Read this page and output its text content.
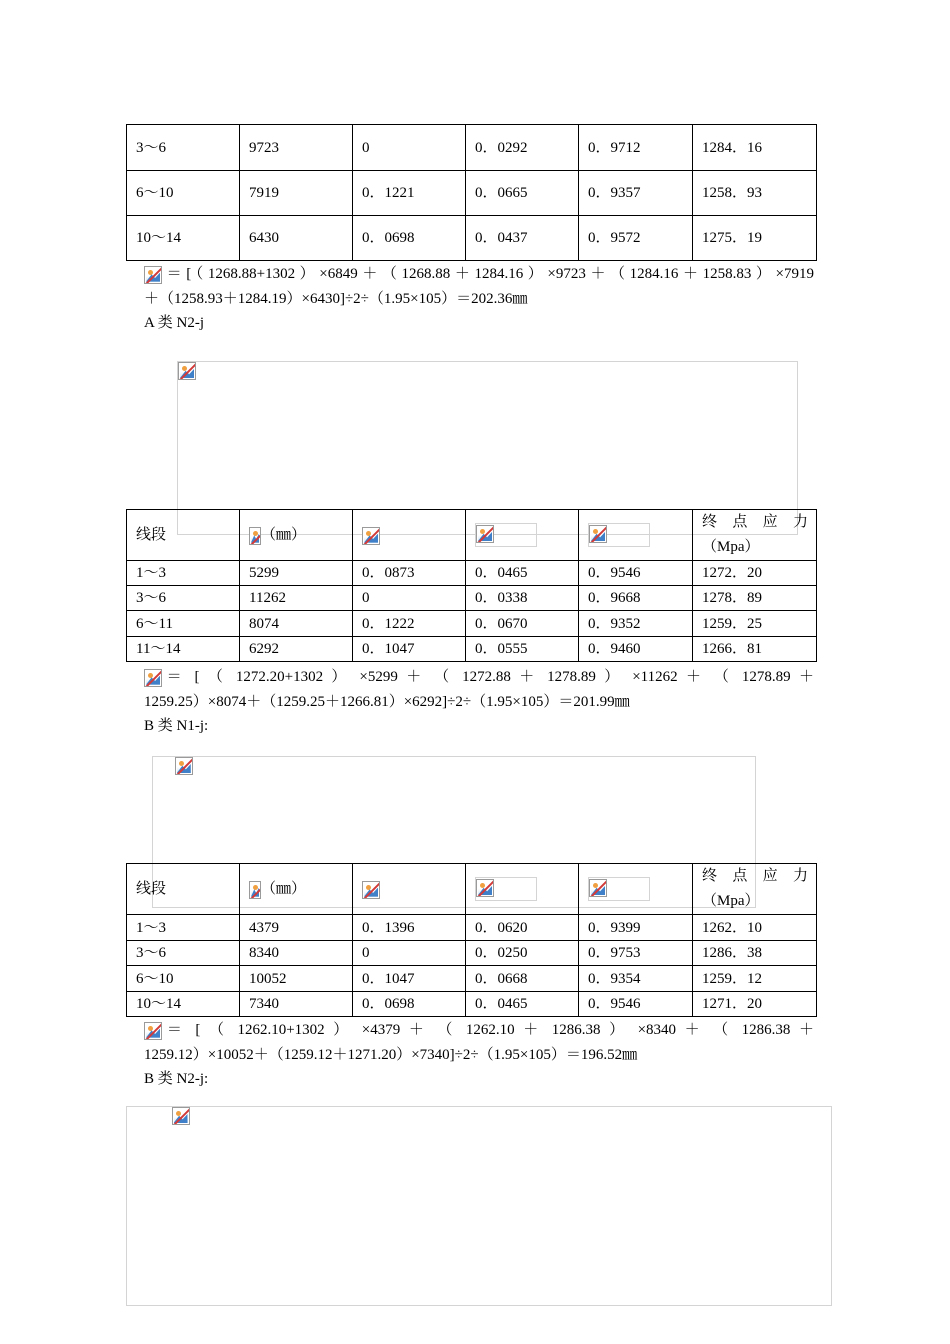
3～6	9723	0	0．0292	0．9712	1284．16
6～10	7919	0．1221	0．0665	0．9357	1258．93
10～14	6430	0．0698	0．0437	0．9572	1275．19
＝[（1268.88+1302）×6849＋（1268.88＋1284.16）×9723＋（1284.16＋1258.83）×7919
＋（1258.93＋1284.19）×6430]÷2÷（1.95×105）＝202.36㎜
A 类 N2-j

线段	（㎜）				终 点 应 力
（Mpa）

1～3	5299	0．0873	0．0465	0．9546	1272．20
3～6	11262	0	0．0338	0．9668	1278．89
6～11	8074	0．1222	0．0670	0．9352	1259．25
11～14	6292	0．1047	0．0555	0．9460	1266．81
＝ [ （ 1272.20+1302 ） ×5299 ＋ （ 1272.88 ＋ 1278.89 ） ×11262 ＋ （ 1278.89 ＋
1259.25）×8074＋（1259.25＋1266.81）×6292]÷2÷（1.95×105）＝201.99㎜
B 类 N1-j:

线段	（㎜）				终 点 应 力
（Mpa）

1～3	4379	0．1396	0．0620	0．9399	1262．10
3～6	8340	0	0．0250	0．9753	1286．38
6～10	10052	0．1047	0．0668	0．9354	1259．12
10～14	7340	0．0698	0．0465	0．9546	1271．20
＝ [ （ 1262.10+1302 ） ×4379 ＋ （ 1262.10 ＋ 1286.38 ） ×8340 ＋ （ 1286.38 ＋
1259.12）×10052＋（1259.12＋1271.20）×7340]÷2÷（1.95×105）＝196.52㎜
B 类 N2-j:
